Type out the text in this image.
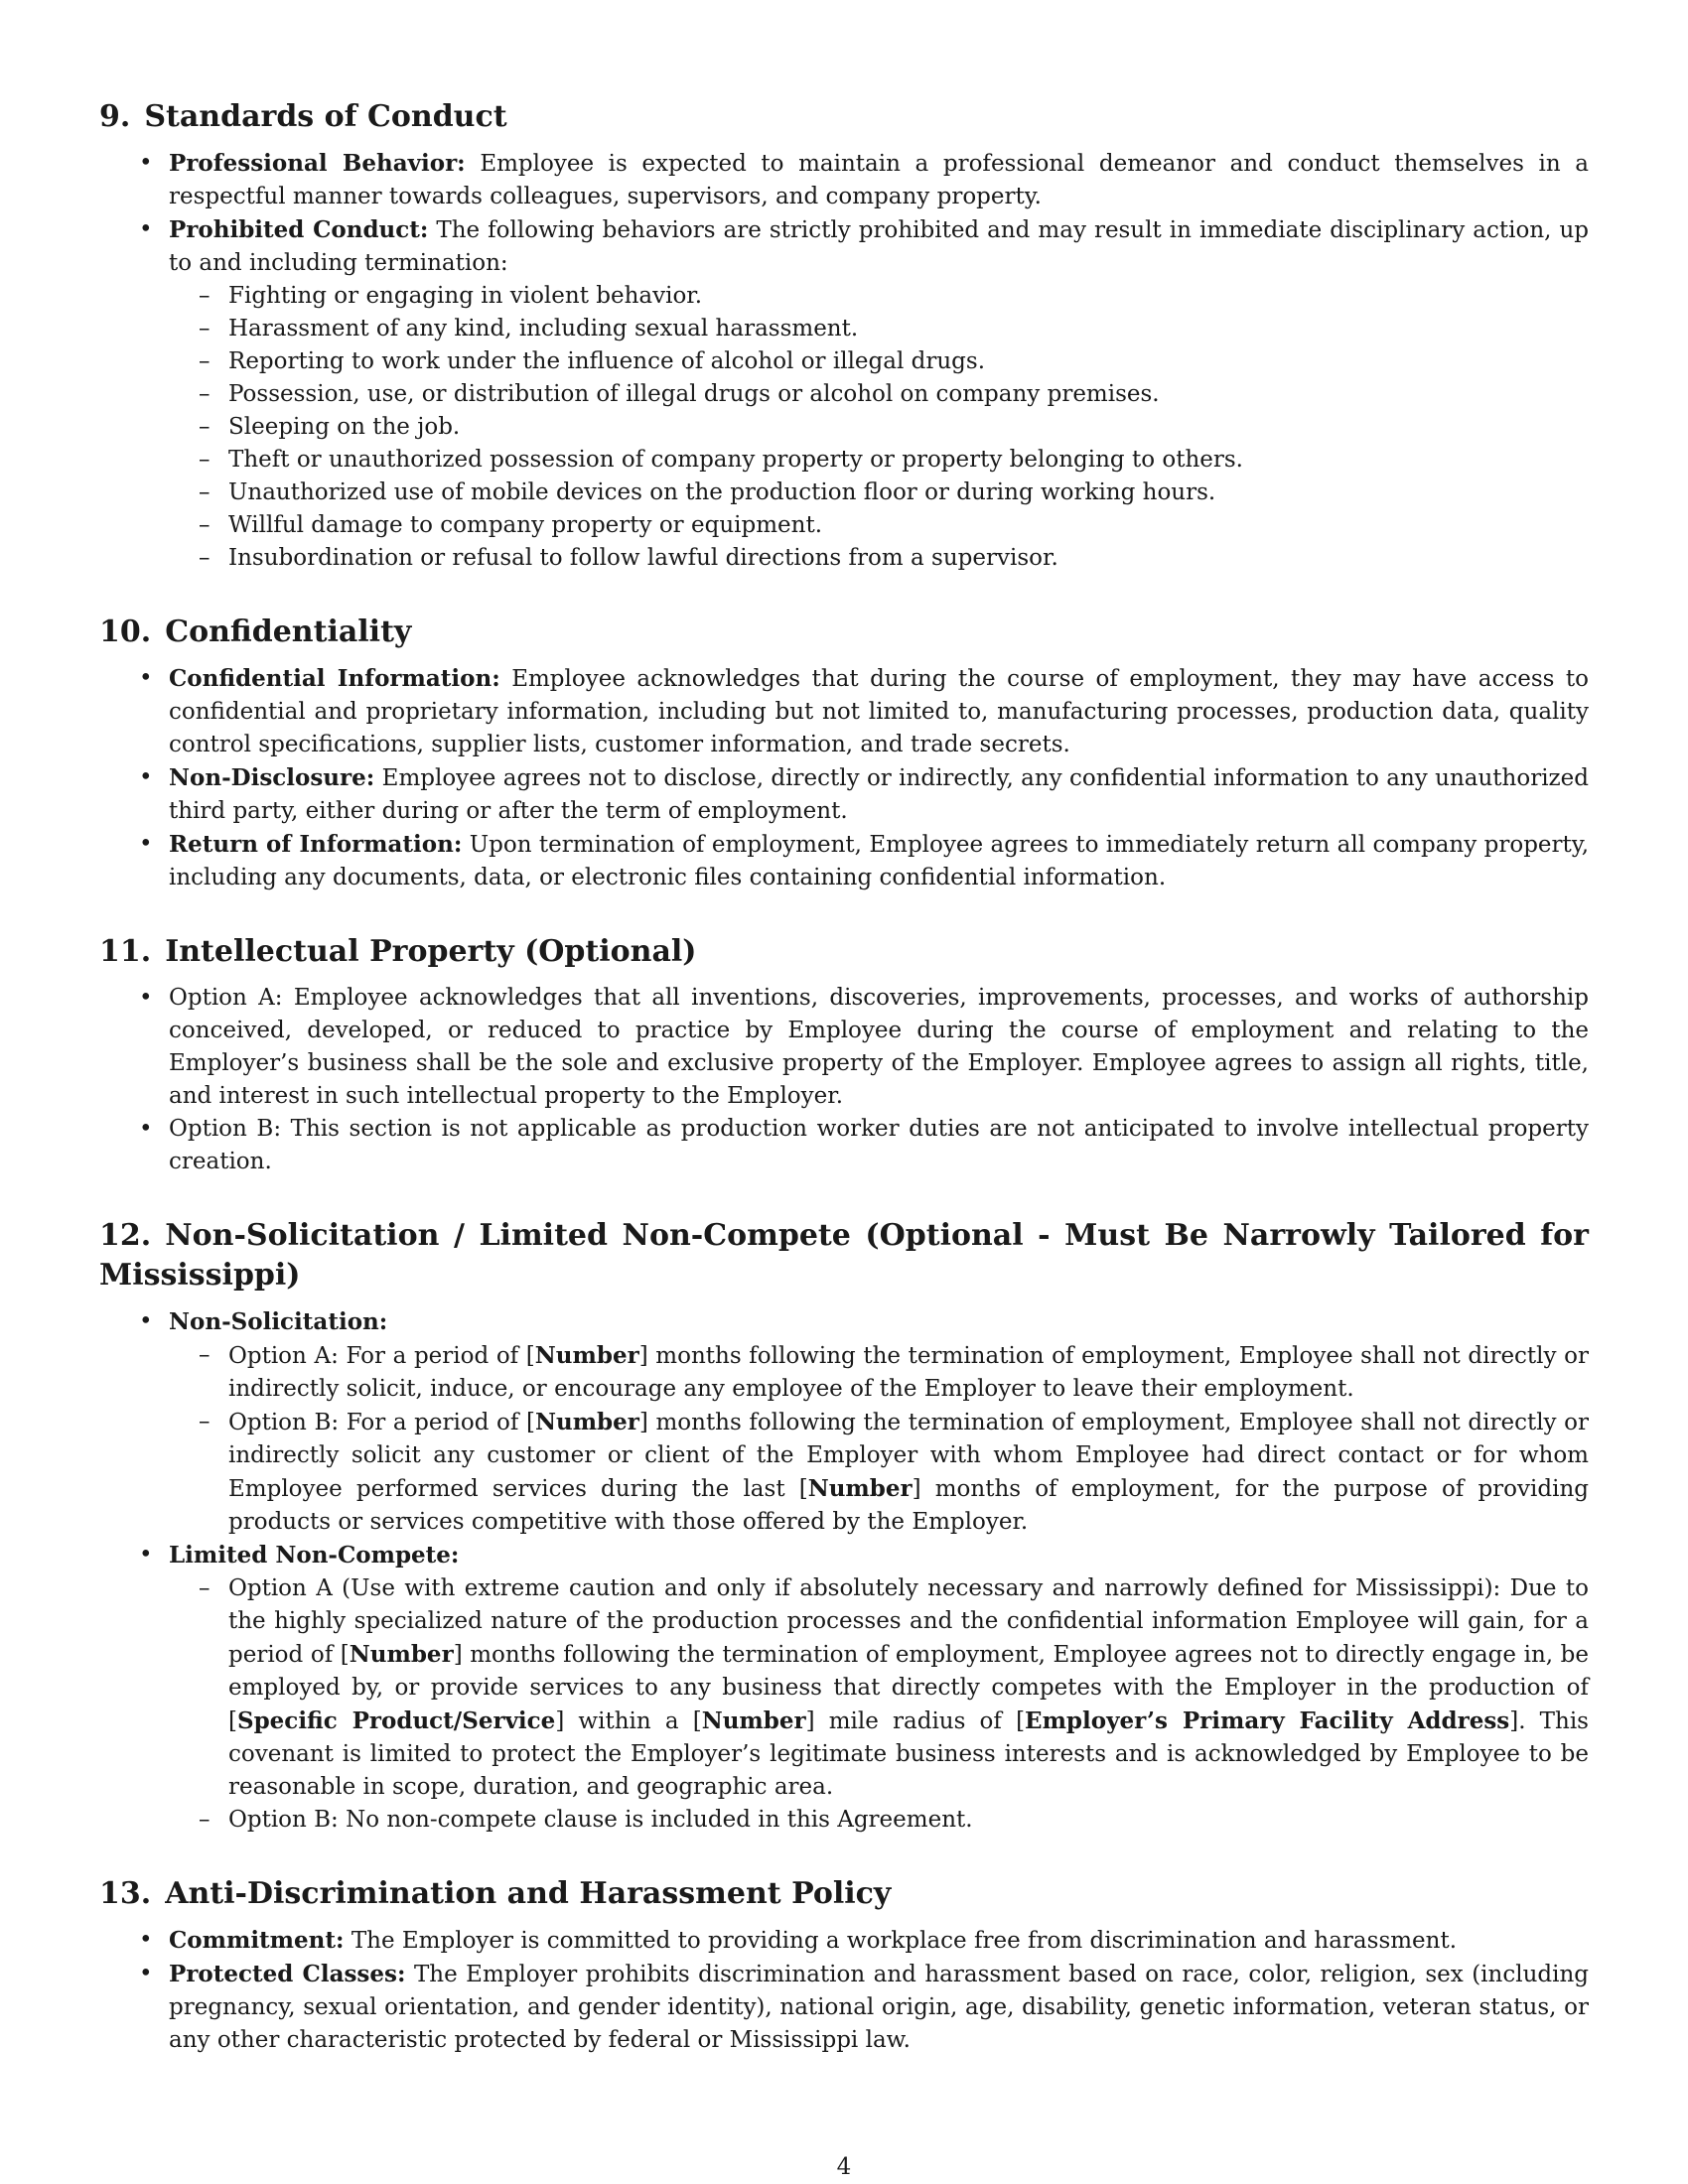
9. Standards of Conduct
• Professional Behavior: Employee is expected to maintain a professional demeanor and conduct themselves in a respectful manner towards colleagues, supervisors, and company property.
• Prohibited Conduct: The following behaviors are strictly prohibited and may result in immediate disciplinary action, up to and including termination:
– Fighting or engaging in violent behavior.
– Harassment of any kind, including sexual harassment.
– Reporting to work under the influence of alcohol or illegal drugs.
– Possession, use, or distribution of illegal drugs or alcohol on company premises.
– Sleeping on the job.
– Theft or unauthorized possession of company property or property belonging to others.
– Unauthorized use of mobile devices on the production floor or during working hours.
– Willful damage to company property or equipment.
– Insubordination or refusal to follow lawful directions from a supervisor.
10. Confidentiality
• Confidential Information: Employee acknowledges that during the course of employment, they may have access to confidential and proprietary information, including but not limited to, manufacturing processes, production data, quality control specifications, supplier lists, customer information, and trade secrets.
• Non-Disclosure: Employee agrees not to disclose, directly or indirectly, any confidential information to any unauthorized third party, either during or after the term of employment.
• Return of Information: Upon termination of employment, Employee agrees to immediately return all company property, including any documents, data, or electronic files containing confidential information.
11. Intellectual Property (Optional)
• Option A: Employee acknowledges that all inventions, discoveries, improvements, processes, and works of authorship conceived, developed, or reduced to practice by Employee during the course of employment and relating to the Employer’s business shall be the sole and exclusive property of the Employer. Employee agrees to assign all rights, title, and interest in such intellectual property to the Employer.
• Option B: This section is not applicable as production worker duties are not anticipated to involve intellectual property creation.
12. Non-Solicitation / Limited Non-Compete (Optional - Must Be Narrowly Tailored for Mississippi)
• Non-Solicitation:
– Option A: For a period of [Number] months following the termination of employment, Employee shall not directly or indirectly solicit, induce, or encourage any employee of the Employer to leave their employment.
– Option B: For a period of [Number] months following the termination of employment, Employee shall not directly or indirectly solicit any customer or client of the Employer with whom Employee had direct contact or for whom Employee performed services during the last [Number] months of employment, for the purpose of providing products or services competitive with those offered by the Employer.
• Limited Non-Compete:
– Option A (Use with extreme caution and only if absolutely necessary and narrowly defined for Mississippi): Due to the highly specialized nature of the production processes and the confidential information Employee will gain, for a period of [Number] months following the termination of employment, Employee agrees not to directly engage in, be employed by, or provide services to any business that directly competes with the Employer in the production of [Specific Product/Service] within a [Number] mile radius of [Employer’s Primary Facility Address]. This covenant is limited to protect the Employer’s legitimate business interests and is acknowledged by Employee to be reasonable in scope, duration, and geographic area.
– Option B: No non-compete clause is included in this Agreement.
13. Anti-Discrimination and Harassment Policy
• Commitment: The Employer is committed to providing a workplace free from discrimination and harassment.
• Protected Classes: The Employer prohibits discrimination and harassment based on race, color, religion, sex (including pregnancy, sexual orientation, and gender identity), national origin, age, disability, genetic information, veteran status, or any other characteristic protected by federal or Mississippi law.
4
